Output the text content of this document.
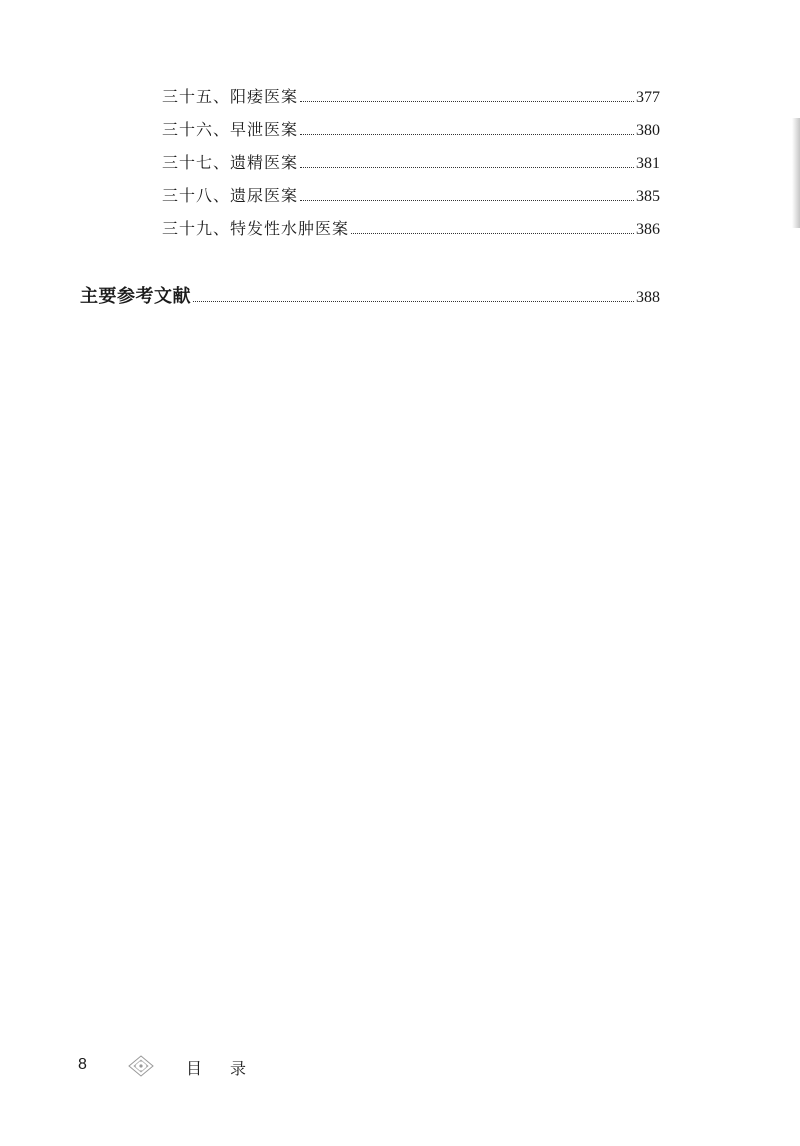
三十五、阳痿医案	377
三十六、早泄医案	380
三十七、遗精医案	381
三十八、遗尿医案	385
三十九、特发性水肿医案	386
主要参考文献	388
8	目录
